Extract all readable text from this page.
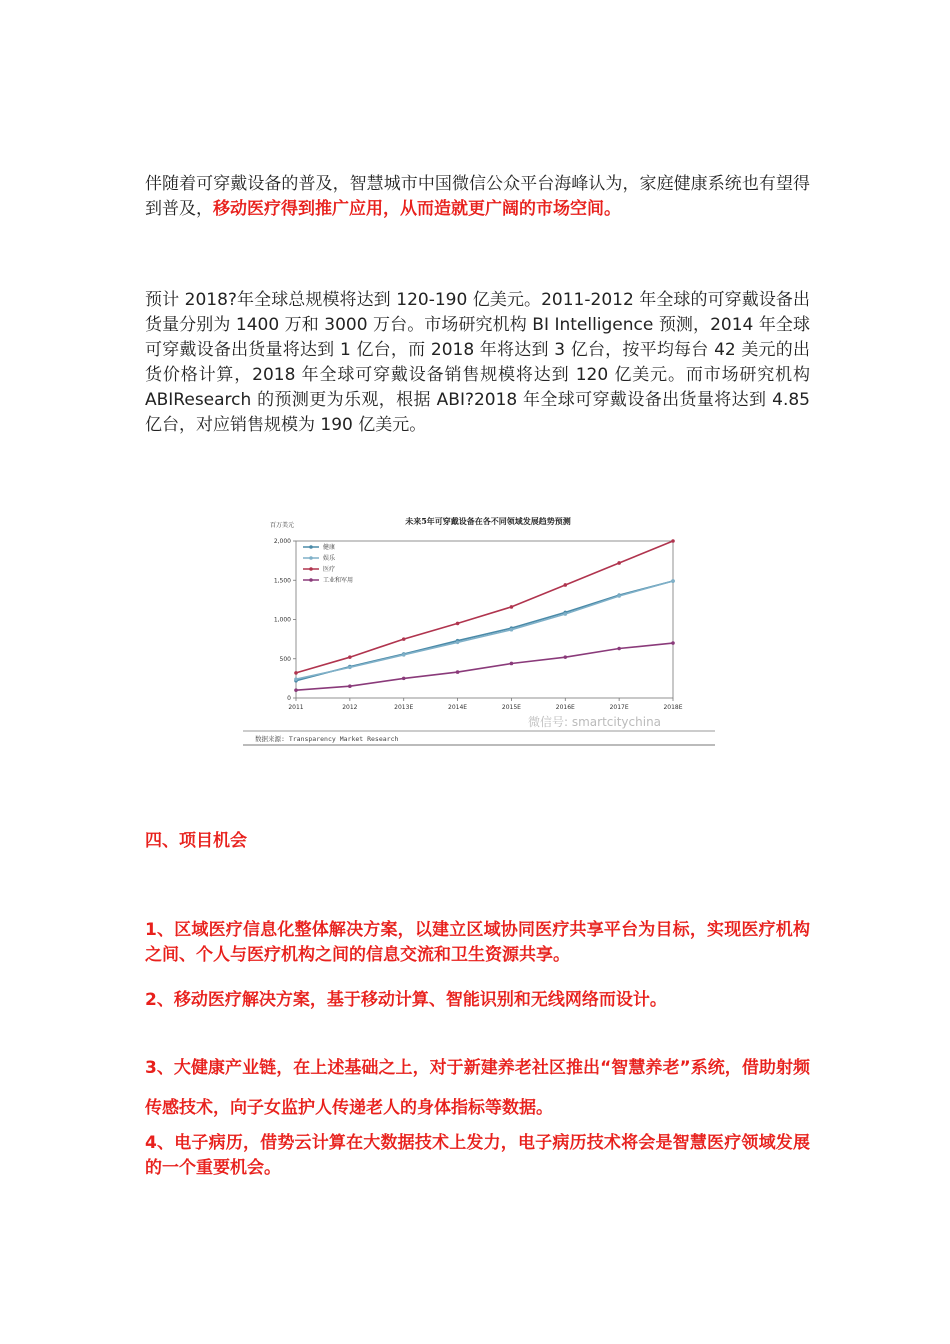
伴随着可穿戴设备的普及，智慧城市中国微信公众平台海峰认为，家庭健康系统也有望得到普及，移动医疗得到推广应用，从而造就更广阔的市场空间。
预计 2018?年全球总规模将达到 120-190 亿美元。2011-2012 年全球的可穿戴设备出货量分别为 1400 万和 3000 万台。市场研究机构 BI Intelligence 预测，2014 年全球可穿戴设备出货量将达到 1 亿台，而 2018 年将达到 3 亿台，按平均每台 42 美元的出货价格计算，2018 年全球可穿戴设备销售规模将达到 120 亿美元。而市场研究机构 ABIResearch 的预测更为乐观，根据 ABI?2018 年全球可穿戴设备出货量将达到 4.85 亿台，对应销售规模为 190 亿美元。
未来5年可穿戴设备在各不同领域发展趋势预测
百万美元
0
500
1,000
1,500
2,000
2011	2012	2013E	2014E	2015E	2016E	2017E	2018E
健康
娱乐
医疗
工业和军用
微信号: smartcitychina
数据来源: Transparency Market Research
四、项目机会
1、区域医疗信息化整体解决方案，以建立区域协同医疗共享平台为目标，实现医疗机构之间、个人与医疗机构之间的信息交流和卫生资源共享。
2、移动医疗解决方案，基于移动计算、智能识别和无线网络而设计。
3、大健康产业链，在上述基础之上，对于新建养老社区推出“智慧养老”系统，借助射频传感技术，向子女监护人传递老人的身体指标等数据。
4、电子病历，借势云计算在大数据技术上发力，电子病历技术将会是智慧医疗领域发展的一个重要机会。
